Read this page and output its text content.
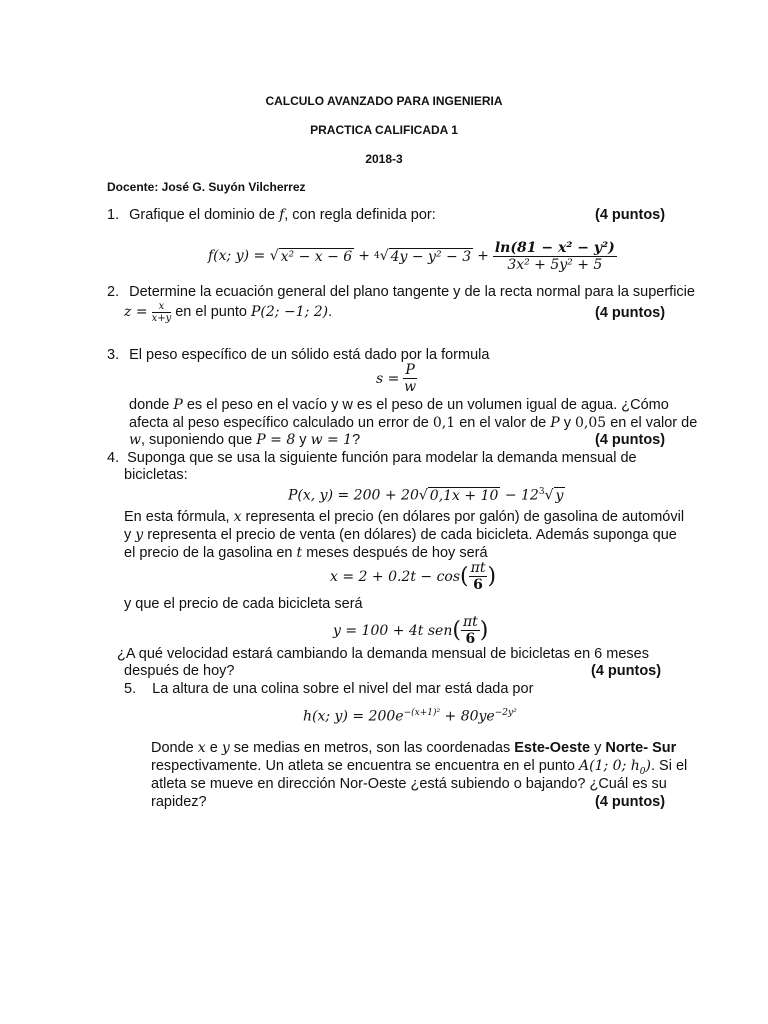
CALCULO AVANZADO PARA INGENIERIA
PRACTICA CALIFICADA 1
2018-3
Docente: José G. Suyón Vilcherrez
1. Grafique el dominio de f, con regla definida por:	(4 puntos)
f(x; y) = √ x² − x − 6 + 4 √ $4y - y^2 - 3 + \frac{\text{ln(81 − x² − y²)}}{\text{3x² + 5y² + 5}}$
2. Determine la ecuación general del plano tangente y de la recta normal para la superficie
$z = \frac{x}{x+y}$ en el punto P(2; −1; 2) .	(4 puntos)
3. El peso específico de un sólido está dado por la formula
$s = \frac{P}{w}$
donde P es el peso en el vacío y w es el peso de un volumen igual de agua. ¿Cómo
afecta al peso específico calculado un error de 0,1 en el valor de P y 0,05 en el valor de
w, suponiendo que P = 8 y w = 1?	(4 puntos)
4. Suponga que se usa la siguiente función para modelar la demanda mensual de
bicicletas:
P(x, y) = 200 + 20√ $0,1x + 10 - 12^3√$ y
En esta fórmula, x representa el precio (en dólares por galón) de gasolina de automóvil
y y representa el precio de venta (en dólares) de cada bicicleta. Además suponga que
el precio de la gasolina en t meses después de hoy será
x = 2 + 0.2t − cos ( $\frac{\pi t}{6}$ )
y que el precio de cada bicicleta será
y = 100 + 4t sen ( $\frac{\pi t}{6}$ )
¿A qué velocidad estará cambiando la demanda mensual de bicicletas en 6 meses
después de hoy?	(4 puntos)
5. La altura de una colina sobre el nivel del mar está dada por
h(x; $y) = 200e^{-(x+1)^2} + 80ye^{-2y^2}$
Donde x e y se medias en metros, son las coordenadas Este-Oeste y Norte- Sur
respectivamente. Un atleta se encuentra se encuentra en el punto A(1; 0; $h_0$). Si el
atleta se mueve en dirección Nor-Oeste ¿está subiendo o bajando? ¿Cuál es su
rapidez?	(4 puntos)
